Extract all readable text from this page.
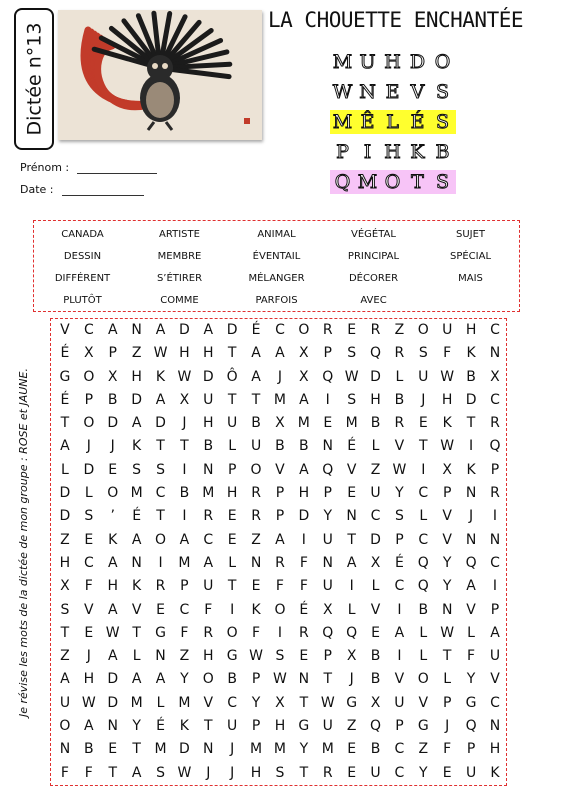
Dictée n°13
LA CHOUETTE ENCHANTÉE
M U H D O
W N E V S
M Ê L É S
P I H K B
Q M O T S
Prénom :
Date :
CANADA	ARTISTE	ANIMAL	VÉGÉTAL	SUJET
DESSIN	MEMBRE	ÉVENTAIL	PRINCIPAL	SPÉCIAL
DIFFÉRENT	S’ÉTIRER	MÉLANGER	DÉCORER	MAIS
PLUTÔT	COMME	PARFOIS	AVEC
Je révise les mots de la dictée de mon groupe : ROSE et JAUNE.
V	C	A N A D A D	É	C O R	E	R	Z O U H C
É	X	P	Z W H H	T	A	A	X	P	S Q R	S	F	K	N
G O X H	K W D Ô A	J	X Q W D	L	U W B	X
É	P	B D A	X U	T	T M A	I	S	H B	J	H D C
T	O D A D	J	H U B	X M E M B	R	E	K	T	R
A	J	J	K	T	T	B	L	U B	B N	É	L	V	T W	I	Q
L	D	E	S	S	I	N	P	O V	A Q V	Z W	I	X	K	P
D	L	O M C	B M H R	P	H	P	E	U	Y	C	P	N R
D	S	’	É	T	I	R	E	R	P	D	Y	N C	S	L	V	J	I
Z	E	K	A O A	C	E	Z	A	I	U	T	D	P	C	V N N
H C	A N	I	M A	L	N R	F	N A	X	É Q	Y	Q C
X	F	H	K	R	P	U	T	E	F	F	U	I	L	C Q	Y	A	I
S	V	A	V	E	C	F	I	K O É	X	L	V	I	B N V	P
T	E W T	G	F	R O	F	I	R Q Q E	A	L W L	A
Z	J	A	L	N Z H G W S	E	P	X	B	I	L	T	F	U
A H D A	A	Y	O B	P W N	T	J	B	V O	L	Y	V
U W D M L M V	C	Y	X	T W G X U V	P	G C
O A N	Y	É	K	T	U	P	H G U Z Q	P	G	J	Q N
N B	E	T M D N	J	M M Y M E	B	C	Z	F	P	H
F	F	T	A	S W	J	J	H	S	T	R	E	U C	Y	E	U	K
